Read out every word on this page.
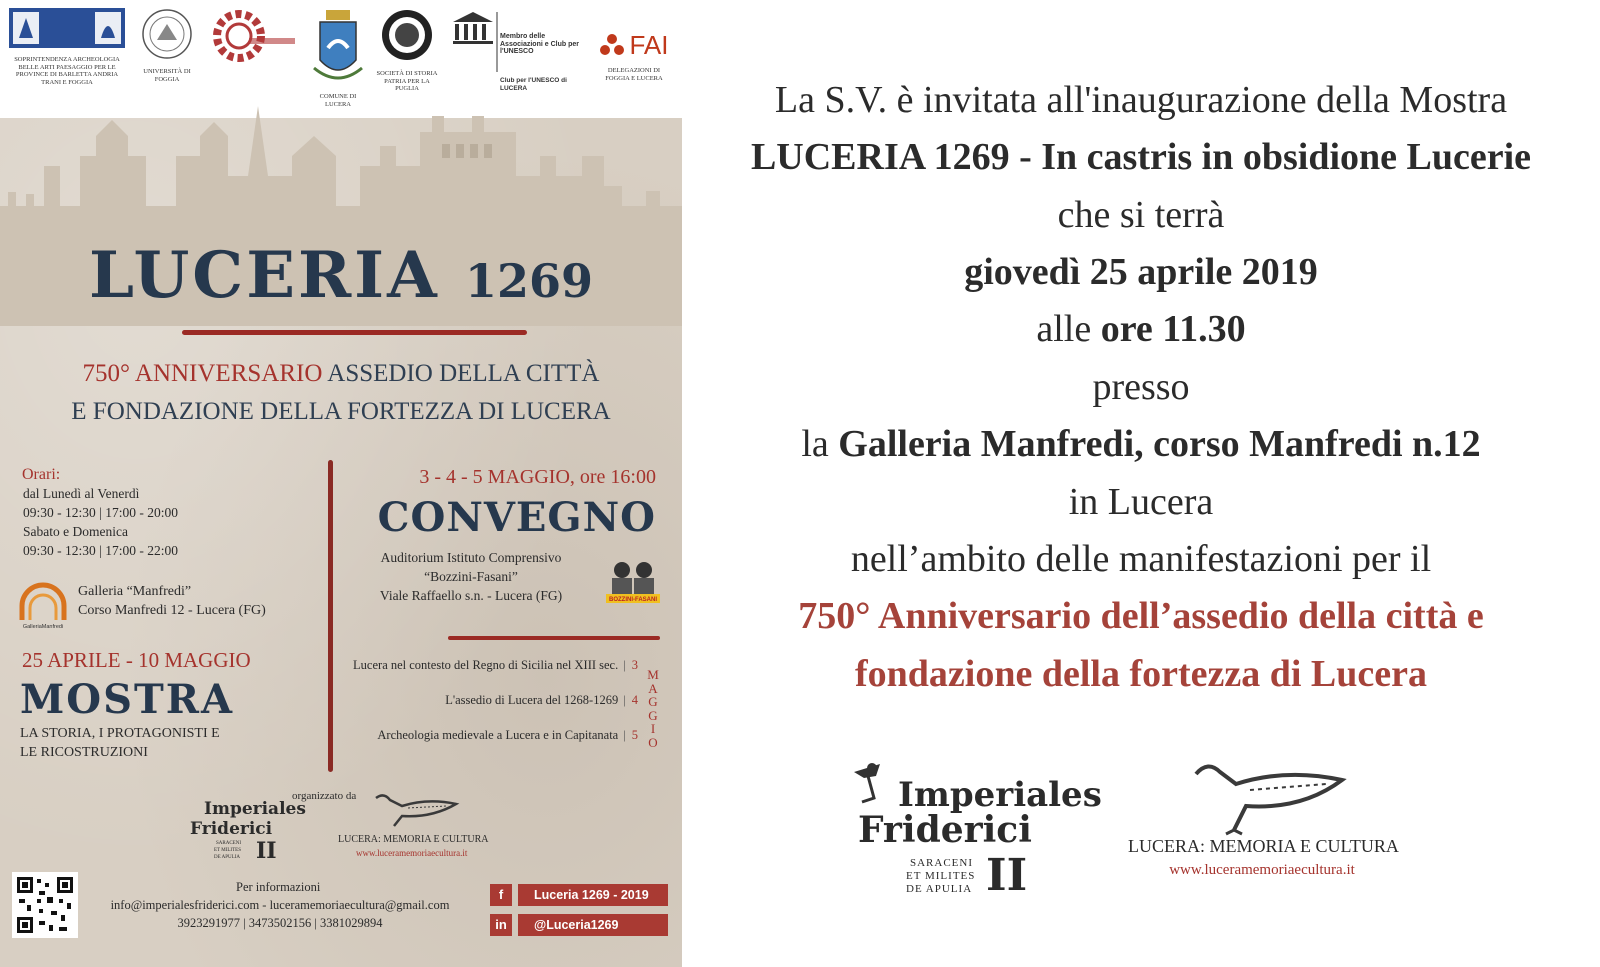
SOPRINTENDENZA ARCHEOLOGIA BELLE ARTI PAESAGGIO PER LE PROVINCE DI BARLETTA ANDRIA TRANI E FOGGIA
UNIVERSITÀ DI FOGGIA
COMUNE DI LUCERA
SOCIETÀ DI STORIA PATRIA PER LA PUGLIA
Membro delle Associazioni e Club per l'UNESCO
Club per l'UNESCO di LUCERA
FAI
DELEGAZIONI DI FOGGIA E LUCERA
LUCERIA 1269
750° ANNIVERSARIO ASSEDIO DELLA CITTÀ
E FONDAZIONE DELLA FORTEZZA DI LUCERA
Orari:
dal Lunedì al Venerdì
09:30 - 12:30 | 17:00 - 20:00
Sabato e Domenica
09:30 - 12:30 | 17:00 - 22:00
GalleriaManfredi
Galleria “Manfredi”
Corso Manfredi 12 - Lucera (FG)
25 APRILE - 10 MAGGIO
MOSTRA
LA STORIA, I PROTAGONISTI E
LE RICOSTRUZIONI
3 - 4 - 5 MAGGIO, ore 16:00
CONVEGNO
Auditorium Istituto Comprensivo
“Bozzini-Fasani”
Viale Raffaello s.n. - Lucera (FG)	BOZZINI-FASANI
Lucera nel contesto del Regno di Sicilia nel XIII sec. | 3
L'assedio di Lucera del 1268-1269 | 4
Archeologia medievale a Lucera e in Capitanata | 5
M
A
G
G
I
O
organizzato da
Imperiales
Friderici
II
SARACENI
ET MILITES
DE APULIA
LUCERA: MEMORIA E CULTURA
www.luceramemoriaecultura.it
Per informazioni
info@imperialesfriderici.com - luceramemoriaecultura@gmail.com
3923291977 | 3473502156 | 3381029894
f	Luceria 1269 - 2019
in	@Luceria1269
La S.V. è invitata all'inaugurazione della Mostra
LUCERIA 1269 - In castris in obsidione Lucerie
che si terrà
giovedì 25 aprile 2019
alle ore 11.30
presso
la Galleria Manfredi, corso Manfredi n.12
in Lucera
nell’ambito delle manifestazioni per il
750° Anniversario dell’assedio della città e
fondazione della fortezza di Lucera
Imperiales
Friderici
II
SARACENI
ET MILITES
DE APULIA
LUCERA: MEMORIA E CULTURA
www.luceramemoriaecultura.it
